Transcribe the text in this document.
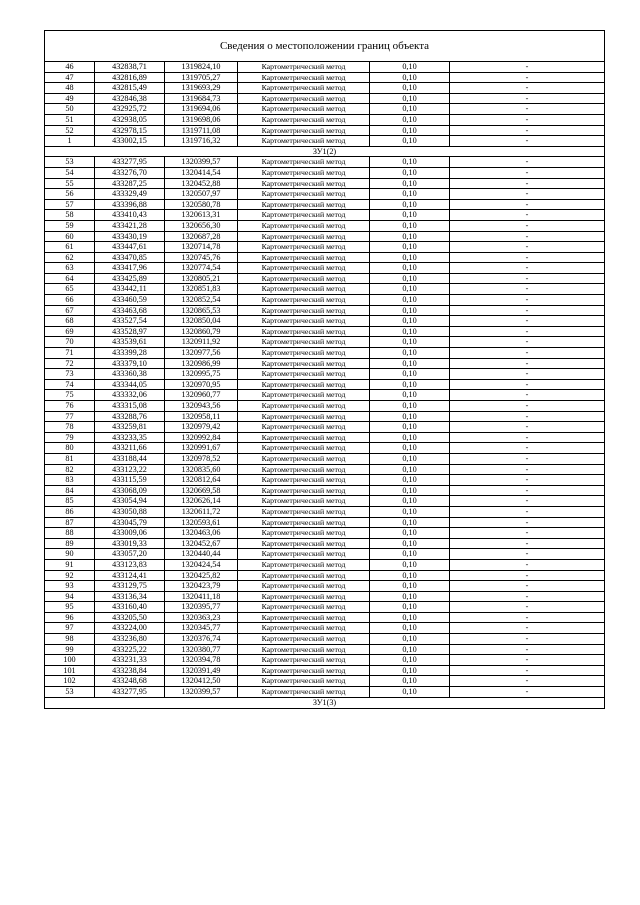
Сведения о местоположении границ объекта
46	432838,71	1319824,10	Картометрический метод	0,10	-
47	432816,89	1319705,27	Картометрический метод	0,10	-
48	432815,49	1319693,29	Картометрический метод	0,10	-
49	432846,38	1319684,73	Картометрический метод	0,10	-
50	432925,72	1319694,06	Картометрический метод	0,10	-
51	432938,05	1319698,06	Картометрический метод	0,10	-
52	432978,15	1319711,08	Картометрический метод	0,10	-
1	433002,15	1319716,32	Картометрический метод	0,10	-
ЗУ1(2)
53	433277,95	1320399,57	Картометрический метод	0,10	-
54	433276,70	1320414,54	Картометрический метод	0,10	-
55	433287,25	1320452,88	Картометрический метод	0,10	-
56	433329,49	1320507,97	Картометрический метод	0,10	-
57	433396,88	1320580,78	Картометрический метод	0,10	-
58	433410,43	1320613,31	Картометрический метод	0,10	-
59	433421,28	1320656,30	Картометрический метод	0,10	-
60	433430,19	1320687,28	Картометрический метод	0,10	-
61	433447,61	1320714,78	Картометрический метод	0,10	-
62	433470,85	1320745,76	Картометрический метод	0,10	-
63	433417,96	1320774,54	Картометрический метод	0,10	-
64	433425,89	1320805,21	Картометрический метод	0,10	-
65	433442,11	1320851,83	Картометрический метод	0,10	-
66	433460,59	1320852,54	Картометрический метод	0,10	-
67	433463,68	1320865,53	Картометрический метод	0,10	-
68	433527,54	1320850,04	Картометрический метод	0,10	-
69	433528,97	1320860,79	Картометрический метод	0,10	-
70	433539,61	1320911,92	Картометрический метод	0,10	-
71	433399,28	1320977,56	Картометрический метод	0,10	-
72	433379,10	1320986,99	Картометрический метод	0,10	-
73	433360,38	1320995,75	Картометрический метод	0,10	-
74	433344,05	1320970,95	Картометрический метод	0,10	-
75	433332,06	1320960,77	Картометрический метод	0,10	-
76	433315,08	1320943,56	Картометрический метод	0,10	-
77	433288,76	1320958,11	Картометрический метод	0,10	-
78	433259,81	1320979,42	Картометрический метод	0,10	-
79	433233,35	1320992,84	Картометрический метод	0,10	-
80	433211,66	1320991,67	Картометрический метод	0,10	-
81	433188,44	1320978,52	Картометрический метод	0,10	-
82	433123,22	1320835,60	Картометрический метод	0,10	-
83	433115,59	1320812,64	Картометрический метод	0,10	-
84	433068,09	1320669,58	Картометрический метод	0,10	-
85	433054,94	1320626,14	Картометрический метод	0,10	-
86	433050,88	1320611,72	Картометрический метод	0,10	-
87	433045,79	1320593,61	Картометрический метод	0,10	-
88	433009,06	1320463,06	Картометрический метод	0,10	-
89	433019,33	1320452,67	Картометрический метод	0,10	-
90	433057,20	1320440,44	Картометрический метод	0,10	-
91	433123,83	1320424,54	Картометрический метод	0,10	-
92	433124,41	1320425,82	Картометрический метод	0,10	-
93	433129,75	1320423,79	Картометрический метод	0,10	-
94	433136,34	1320411,18	Картометрический метод	0,10	-
95	433160,40	1320395,77	Картометрический метод	0,10	-
96	433205,50	1320363,23	Картометрический метод	0,10	-
97	433224,00	1320345,77	Картометрический метод	0,10	-
98	433236,80	1320376,74	Картометрический метод	0,10	-
99	433225,22	1320380,77	Картометрический метод	0,10	-
100	433231,33	1320394,78	Картометрический метод	0,10	-
101	433238,84	1320391,49	Картометрический метод	0,10	-
102	433248,68	1320412,50	Картометрический метод	0,10	-
53	433277,95	1320399,57	Картометрический метод	0,10	-
ЗУ1(3)
